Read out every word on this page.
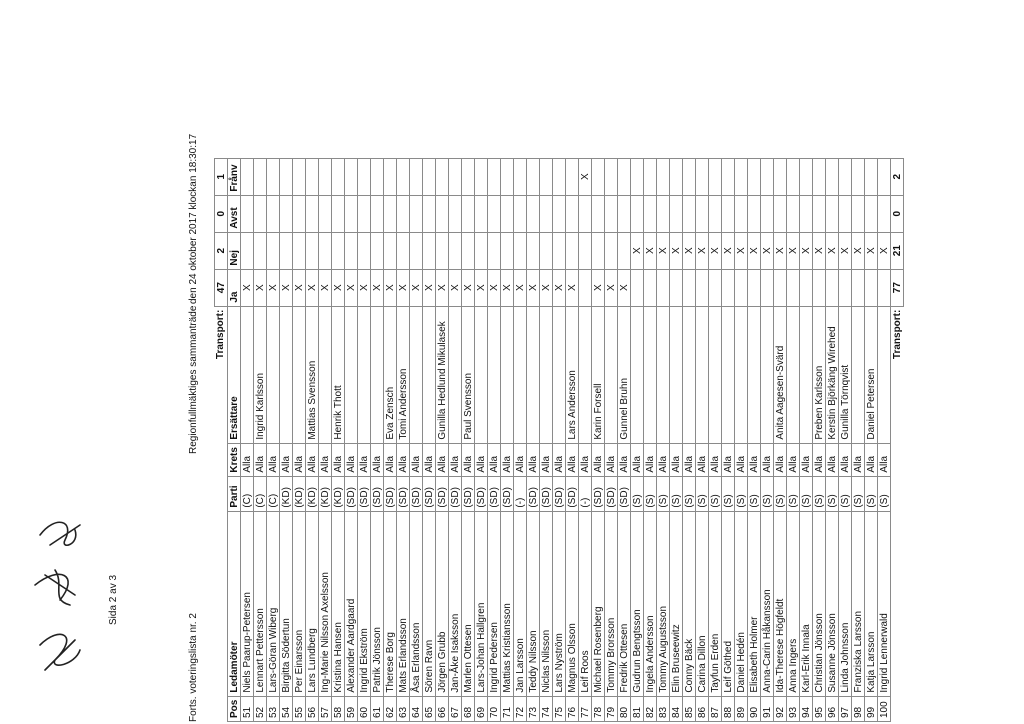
Forts. voteringslista nr. 2
Regionfullmäktiges sammanträde
den 24 oktober 2017 klockan 18:30:17
Transport:					47	2	0	1
Pos	Ledamöter	Parti	Krets	Ersättare	Ja	Nej	Avst	Frånv
51	Niels Paarup-Petersen	(C)	Alla		X			
52	Lennart Pettersson	(C)	Alla	Ingrid Karlsson	X			
53	Lars-Göran Wiberg	(C)	Alla		X			
54	Birgitta Södertun	(KD)	Alla		X			
55	Per Einarsson	(KD)	Alla		X			
56	Lars Lundberg	(KD)	Alla	Mattias Svensson	X			
57	Ing-Marie Nilsson Axelsson	(KD)	Alla		X			
58	Kristina Hansen	(KD)	Alla	Henrik Thott	X			
59	Alexander Aardgaard	(SD)	Alla		X			
60	Ingrid Ekström	(SD)	Alla		X			
61	Patrik Jönsson	(SD)	Alla		X			
62	Therese Borg	(SD)	Alla	Eva Zensch	X			
63	Mats Erlandsson	(SD)	Alla	Tomi Andersson	X			
64	Åsa Erlandsson	(SD)	Alla		X			
65	Sören Ravn	(SD)	Alla		X			
66	Jörgen Grubb	(SD)	Alla	Gunilla Hedlund Mikulasek	X			
67	Jan-Åke Isaksson	(SD)	Alla		X			
68	Marlen Ottesen	(SD)	Alla	Paul Svensson	X			
69	Lars-Johan Hallgren	(SD)	Alla		X			
70	Ingrid Pedersen	(SD)	Alla		X			
71	Mattias Kristiansson	(SD)	Alla		X			
72	Jan Larsson	(-)	Alla		X			
73	Teddy Nilsson	(SD)	Alla		X			
74	Niclas Nilsson	(SD)	Alla		X			
75	Lars Nyström	(SD)	Alla		X			
76	Magnus Olsson	(SD)	Alla	Lars Andersson	X			
77	Leif Roos	(-)	Alla					X
78	Michael Rosenberg	(SD)	Alla	Karin Forsell	X			
79	Tommy Brorsson	(SD)	Alla		X			
80	Fredrik Ottesen	(SD)	Alla	Gunnel Bruhn	X			
81	Gudrun Bengtsson	(S)	Alla			X		
82	Ingela Andersson	(S)	Alla			X		
83	Tommy Augustsson	(S)	Alla			X		
84	Elin Bruseewitz	(S)	Alla			X		
85	Conny Bäck	(S)	Alla			X		
86	Carina Dillon	(S)	Alla			X		
87	Tayfun Erden	(S)	Alla			X		
88	Leif Göthed	(S)	Alla			X		
89	Daniel Hedén	(S)	Alla			X		
90	Elisabeth Holmer	(S)	Alla			X		
91	Anna-Carin Håkansson	(S)	Alla			X		
92	Ida-Therese Högfeldt	(S)	Alla	Anita Aagesen-Svärd		X		
93	Anna Ingers	(S)	Alla			X		
94	Karl-Erik Innala	(S)	Alla			X		
95	Christian Jönsson	(S)	Alla	Preben Karlsson		X		
96	Susanne Jönsson	(S)	Alla	Kerstin Björkäng Wirehed		X		
97	Linda Johnsson	(S)	Alla	Gunilla Törnqvist		X		
98	Franziska Larsson	(S)	Alla			X		
99	Katja Larsson	(S)	Alla	Daniel Petersen		X		
100	Ingrid Lennerwald	(S)	Alla			X		
Transport:					77	21	0	2
Sida 2 av 3
